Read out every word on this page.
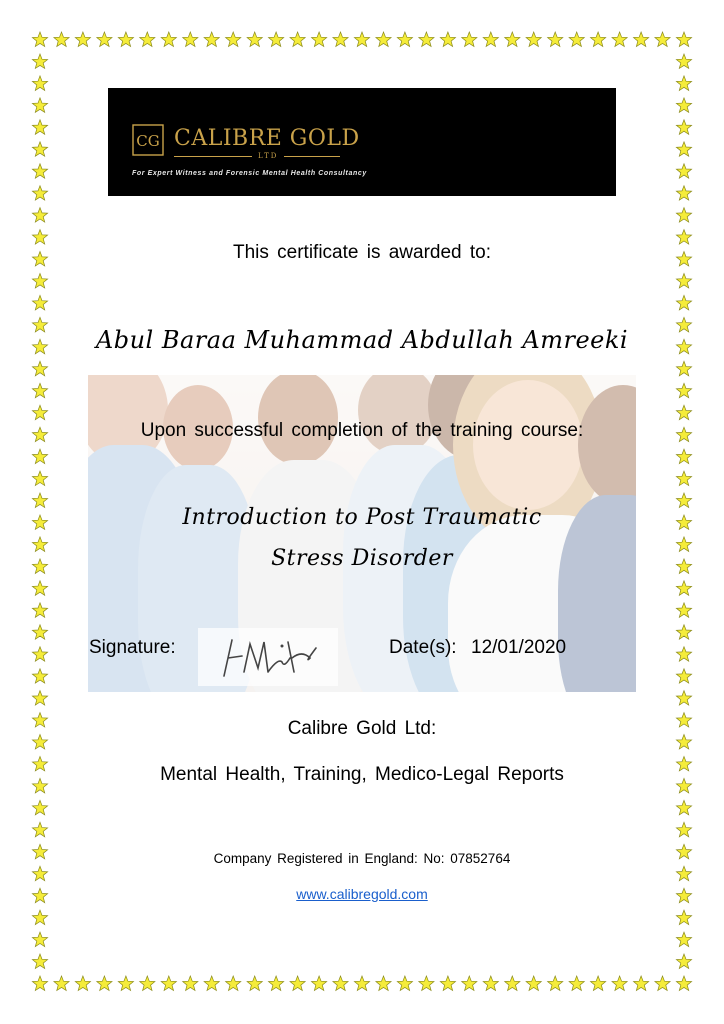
CG CALIBRE GOLD
LTD
For Expert Witness and Forensic Mental Health Consultancy
This certificate is awarded to:
Abul Baraa Muhammad Abdullah Amreeki
Upon successful completion of the training course:
Introduction to Post Traumatic
Stress Disorder
Signature:	Date(s): 12/01/2020
Calibre Gold Ltd:
Mental Health, Training, Medico-Legal Reports
Company Registered in England: No: 07852764
www.calibregold.com
